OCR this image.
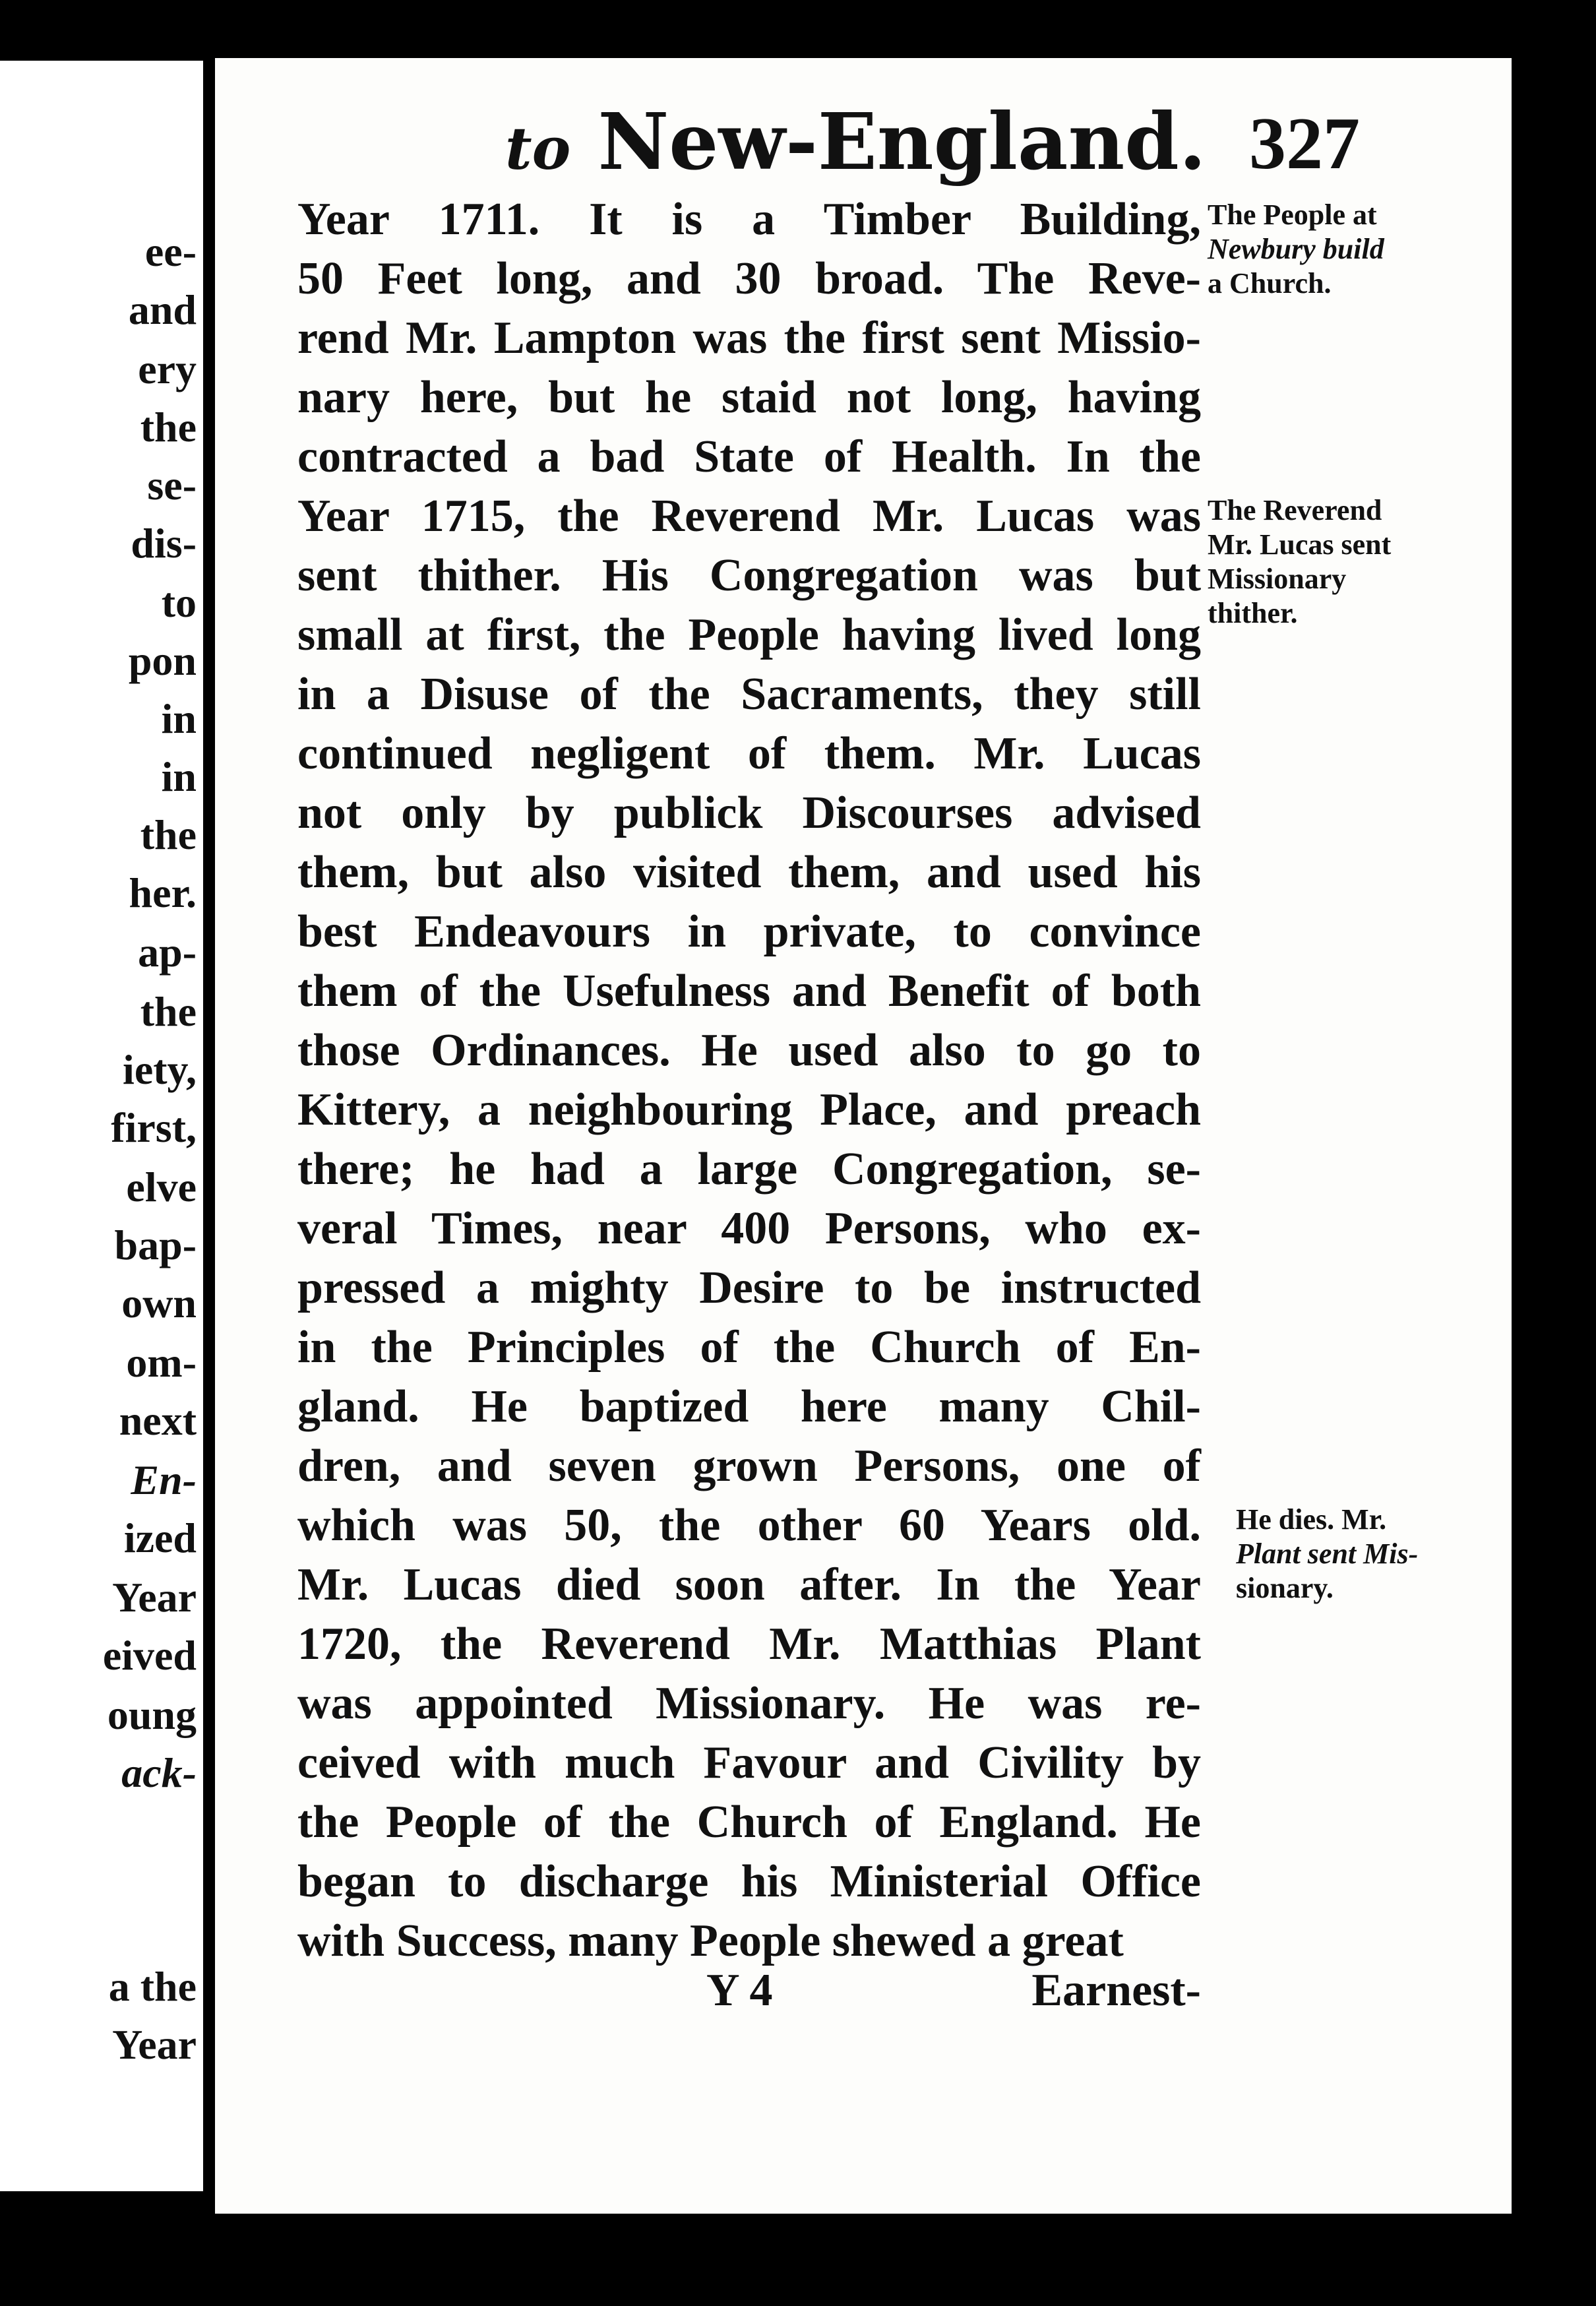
ee-
and
ery
the
se-
dis-
to
pon
in
in
the
her.
ap-
the
iety,
first,
elve
bap-
own
om-
next
En-
ized
Year
eived
oung
ack-
a the
Year
to New-England. 327
Year 1711. It is a Timber Building,
50 Feet long, and 30 broad. The Reve-
rend Mr. Lampton was the first sent Missio-
nary here, but he staid not long, having
contracted a bad State of Health. In the
Year 1715, the Reverend Mr. Lucas was
sent thither. His Congregation was but
small at first, the People having lived long
in a Disuse of the Sacraments, they still
continued negligent of them. Mr. Lucas
not only by publick Discourses advised
them, but also visited them, and used his
best Endeavours in private, to convince
them of the Usefulness and Benefit of both
those Ordinances. He used also to go to
Kittery, a neighbouring Place, and preach
there; he had a large Congregation, se-
veral Times, near 400 Persons, who ex-
pressed a mighty Desire to be instructed
in the Principles of the Church of En-
gland. He baptized here many Chil-
dren, and seven grown Persons, one of
which was 50, the other 60 Years old.
Mr. Lucas died soon after. In the Year
1720, the Reverend Mr. Matthias Plant
was appointed Missionary. He was re-
ceived with much Favour and Civility by
the People of the Church of England. He
began to discharge his Ministerial Office
with Success, many People shewed a great
Y 4	Earnest-
The People at
Newbury build
a Church.
The Reverend
Mr. Lucas sent
Missionary
thither.
He dies. Mr.
Plant sent Mis-
sionary.
